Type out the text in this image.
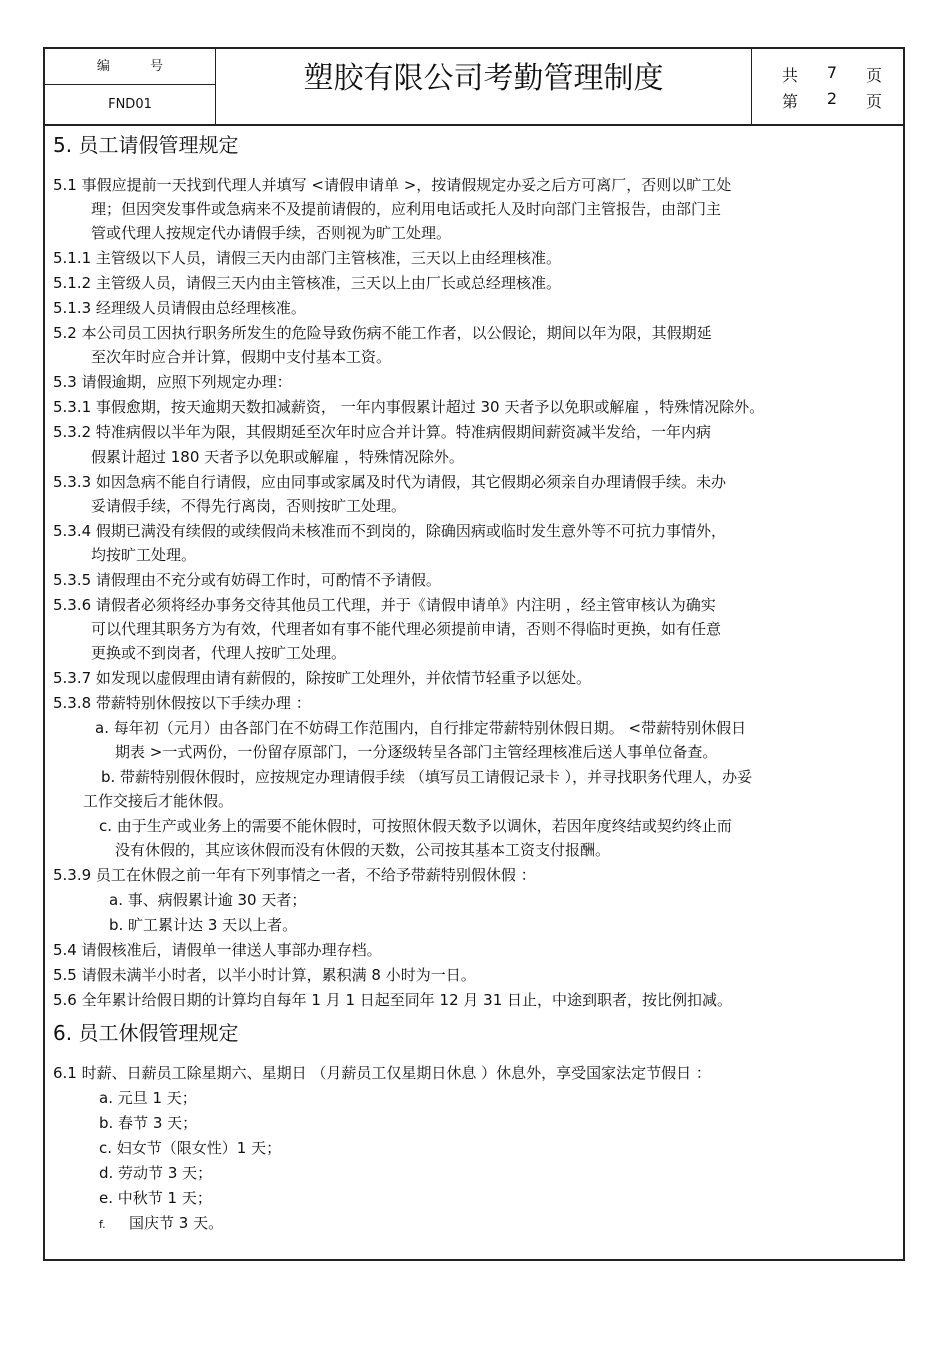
编 号
FND01
塑胶有限公司考勤管理制度	共 7 页
第 2 页
5. 员工请假管理规定
5.1 事假应提前一天找到代理人并填写 <请假申请单 >，按请假规定办妥之后方可离厂，否则以旷工处
理；但因突发事件或急病来不及提前请假的，应利用电话或托人及时向部门主管报告，由部门主
管或代理人按规定代办请假手续，否则视为旷工处理。
5.1.1 主管级以下人员，请假三天内由部门主管核准，三天以上由经理核准。
5.1.2 主管级人员，请假三天内由主管核准，三天以上由厂长或总经理核准。
5.1.3 经理级人员请假由总经理核准。
5.2 本公司员工因执行职务所发生的危险导致伤病不能工作者，以公假论，期间以年为限，其假期延
至次年时应合并计算，假期中支付基本工资。
5.3 请假逾期，应照下列规定办理：
5.3.1 事假愈期，按天逾期天数扣减薪资， 一年内事假累计超过 30 天者予以免职或解雇 ，特殊情况除外。
5.3.2 特准病假以半年为限，其假期延至次年时应合并计算。特准病假期间薪资减半发给，一年内病
假累计超过 180 天者予以免职或解雇 ，特殊情况除外。
5.3.3 如因急病不能自行请假，应由同事或家属及时代为请假，其它假期必须亲自办理请假手续。未办
妥请假手续，不得先行离岗，否则按旷工处理。
5.3.4 假期已满没有续假的或续假尚未核准而不到岗的，除确因病或临时发生意外等不可抗力事情外，
均按旷工处理。
5.3.5 请假理由不充分或有妨碍工作时，可酌情不予请假。
5.3.6 请假者必须将经办事务交待其他员工代理，并于《请假申请单》内注明 ，经主管审核认为确实
可以代理其职务方为有效，代理者如有事不能代理必须提前申请，否则不得临时更换，如有任意
更换或不到岗者，代理人按旷工处理。
5.3.7 如发现以虚假理由请有薪假的，除按旷工处理外，并依情节轻重予以惩处。
5.3.8 带薪特别休假按以下手续办理 ：
a. 每年初（元月）由各部门在不妨碍工作范围内，自行排定带薪特别休假日期。 <带薪特别休假日
期表 >一式两份，一份留存原部门，一分逐级转呈各部门主管经理核准后送人事单位备查。
b. 带薪特别假休假时，应按规定办理请假手续 （填写员工请假记录卡 ），并寻找职务代理人，办妥
工作交接后才能休假。
c. 由于生产或业务上的需要不能休假时，可按照休假天数予以调休，若因年度终结或契约终止而
没有休假的，其应该休假而没有休假的天数，公司按其基本工资支付报酬。
5.3.9 员工在休假之前一年有下列事情之一者，不给予带薪特别假休假 ：
a. 事、病假累计逾 30 天者；
b. 旷工累计达 3 天以上者。
5.4 请假核准后，请假单一律送人事部办理存档。
5.5 请假未满半小时者，以半小时计算，累积满 8 小时为一日。
5.6 全年累计给假日期的计算均自每年 1 月 1 日起至同年 12 月 31 日止，中途到职者，按比例扣减。
6. 员工休假管理规定
6.1 时薪、日薪员工除星期六、星期日 （月薪员工仅星期日休息 ）休息外，享受国家法定节假日 ：
a. 元旦 1 天；
b. 春节 3 天；
c. 妇女节（限女性）1 天；
d. 劳动节 3 天；
e. 中秋节 1 天；
国庆节 3 天。
f.
